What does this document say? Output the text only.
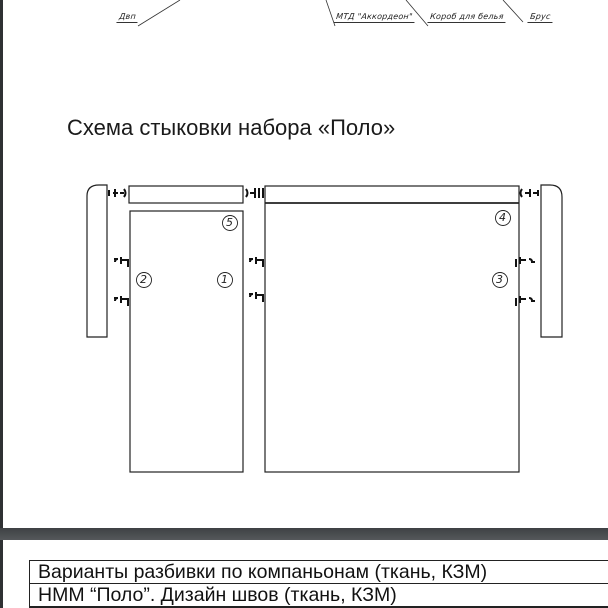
Двп	МТД "Аккордеон" Короб для белья	Брус
Схема стыковки набора «Поло»
5	4
2	1	3
Варианты разбивки по компаньонам (ткань, КЗМ)
НММ “Поло”. Дизайн швов (ткань, КЗМ)
